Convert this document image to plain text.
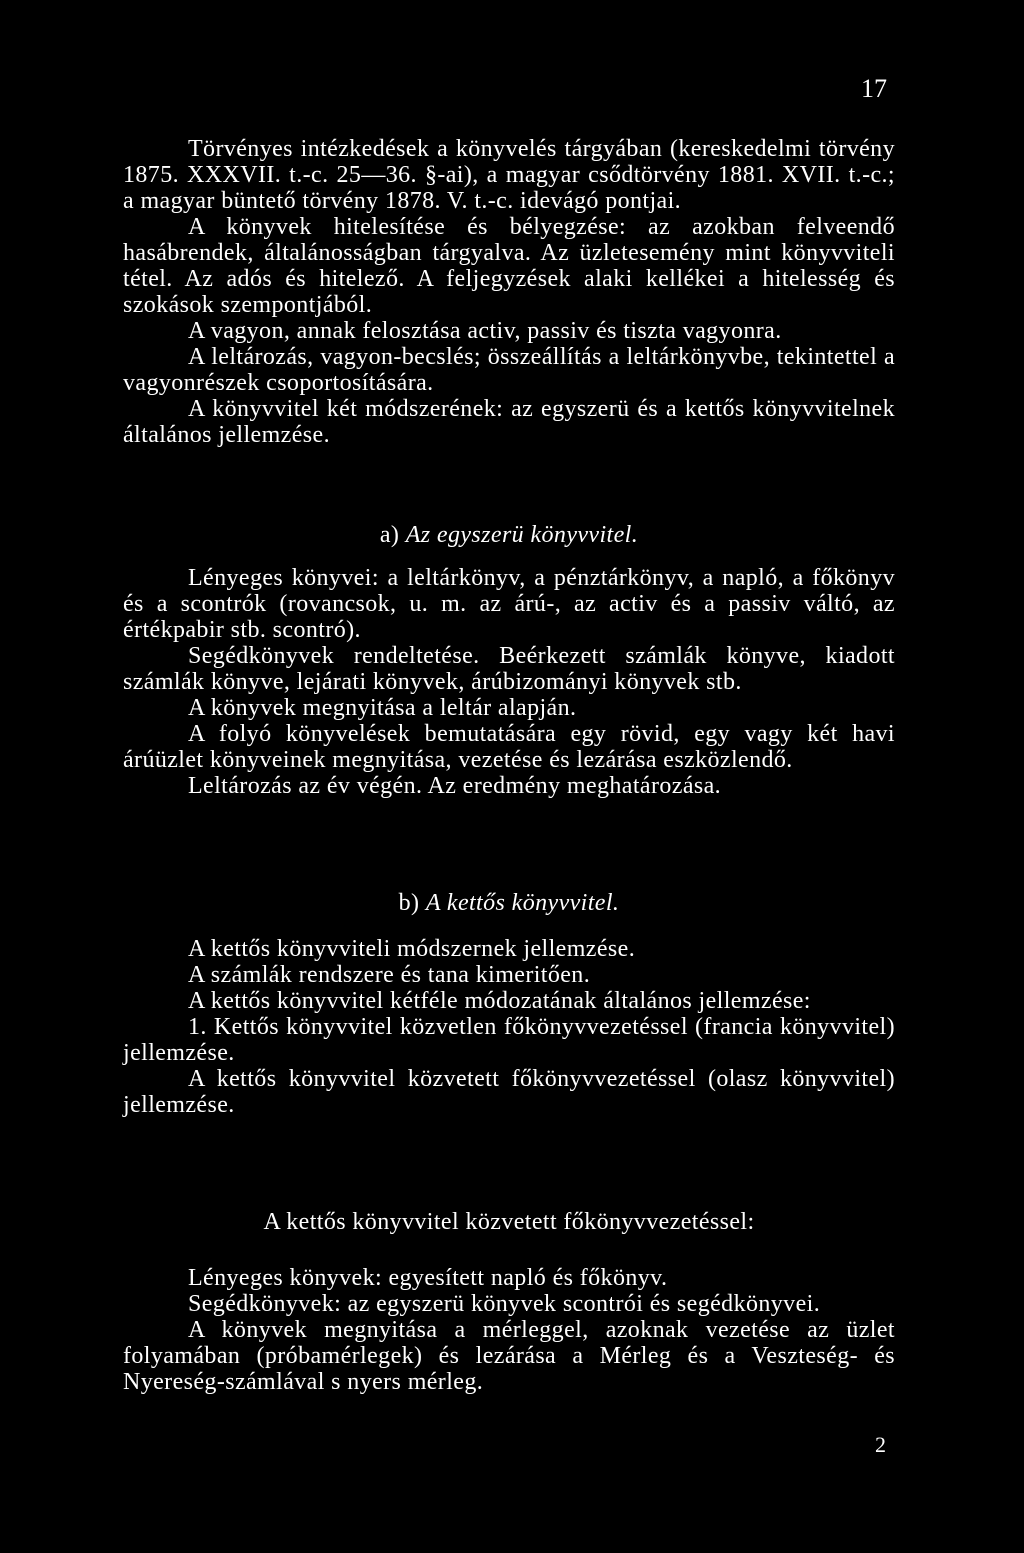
17

Törvényes intézkedések a könyvelés tárgyában (kereskedelmi törvény 1875. XXXVII. t.-c. 25—36. §-ai), a magyar csődtörvény 1881. XVII. t.-c.; a magyar büntető törvény 1878. V. t.-c. idevágó pontjai.

A könyvek hitelesítése és bélyegzése: az azokban felveendő hasábrendek, általánosságban tárgyalva. Az üzletesemény mint könyvviteli tétel. Az adós és hitelező. A feljegyzések alaki kellékei a hitelesség és szokások szempontjából.

A vagyon, annak felosztása activ, passiv és tiszta vagyonra.

A leltározás, vagyon-becslés; összeállítás a leltárkönyvbe, tekintettel a vagyonrészek csoportosítására.

A könyvvitel két módszerének: az egyszerü és a kettős könyvvitelnek általános jellemzése.

a) Az egyszerü könyvvitel.

Lényeges könyvei: a leltárkönyv, a pénztárkönyv, a napló, a főkönyv és a scontrók (rovancsok, u. m. az árú-, az activ és a passiv váltó, az értékpabir stb. scontró).

Segédkönyvek rendeltetése. Beérkezett számlák könyve, kiadott számlák könyve, lejárati könyvek, árúbizományi könyvek stb.

A könyvek megnyitása a leltár alapján.

A folyó könyvelések bemutatására egy rövid, egy vagy két havi árúüzlet könyveinek megnyitása, vezetése és lezárása eszközlendő.

Leltározás az év végén. Az eredmény meghatározása.

b) A kettős könyvvitel.

A kettős könyvviteli módszernek jellemzése.

A számlák rendszere és tana kimeritően.

A kettős könyvvitel kétféle módozatának általános jellemzése:

1. Kettős könyvvitel közvetlen főkönyvvezetéssel (francia könyvvitel) jellemzése.

A kettős könyvvitel közvetett főkönyvvezetéssel (olasz könyvvitel) jellemzése.

A kettős könyvvitel közvetett főkönyvvezetéssel:

Lényeges könyvek: egyesített napló és főkönyv.

Segédkönyvek: az egyszerü könyvek scontrói és segédkönyvei.

A könyvek megnyitása a mérleggel, azoknak vezetése az üzlet folyamában (próbamérlegek) és lezárása a Mérleg és a Veszteség- és Nyereség-számlával s nyers mérleg.

2
